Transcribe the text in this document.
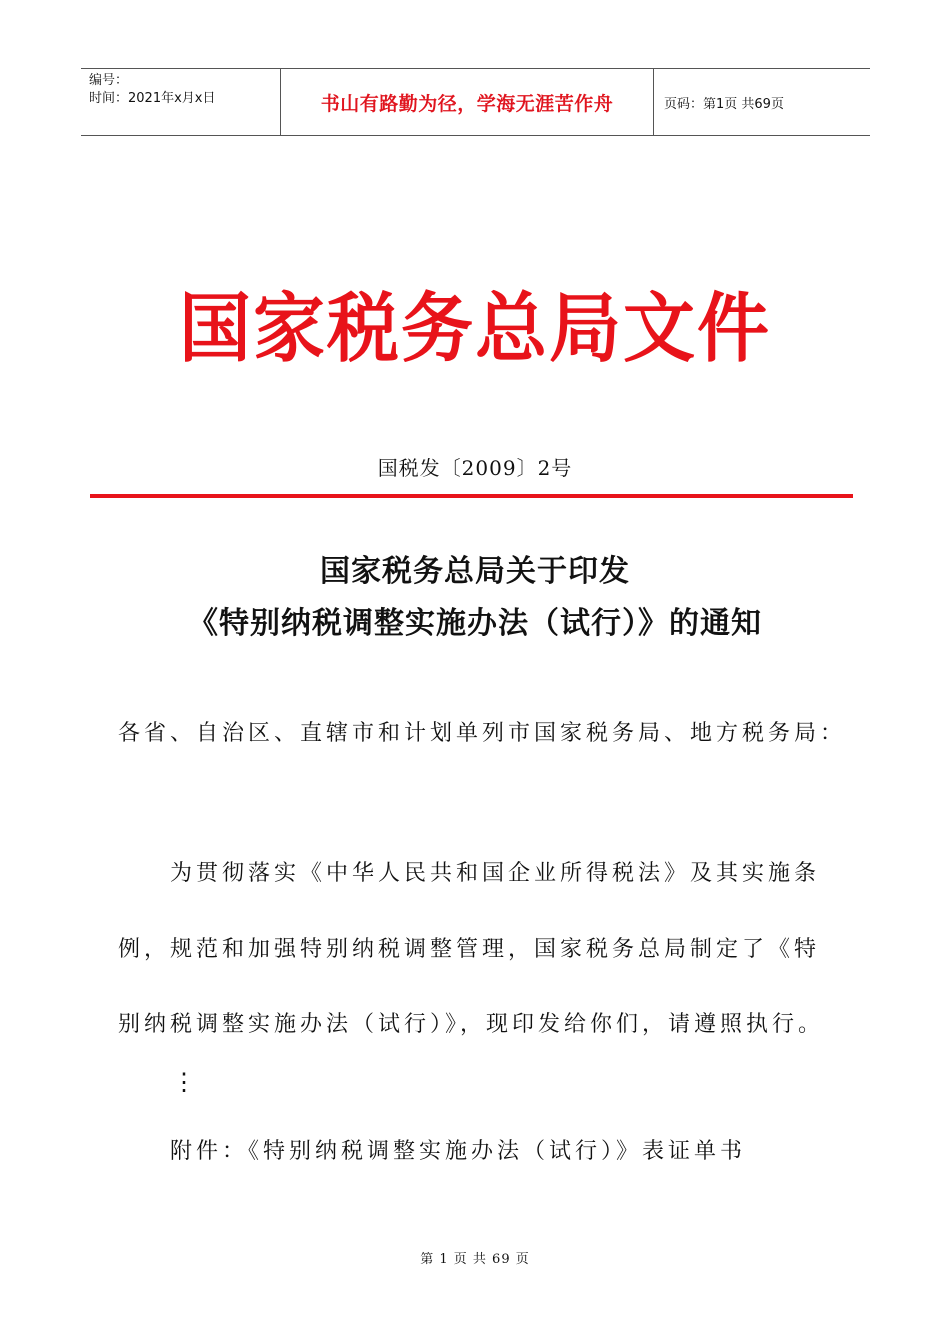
编号：
时间：2021年x月x日	书山有路勤为径，学海无涯苦作舟	页码：第1页 共69页
国家税务总局文件
国税发〔2009〕2号
国家税务总局关于印发
《特别纳税调整实施办法（试行）》的通知
各省、自治区、直辖市和计划单列市国家税务局、地方税务局：
为贯彻落实《中华人民共和国企业所得税法》及其实施条
例，规范和加强特别纳税调整管理，国家税务总局制定了《特
别纳税调整实施办法（试行）》，现印发给你们，请遵照执行。
⋮
附件：《特别纳税调整实施办法（试行）》表证单书
第 1 页 共 69 页
